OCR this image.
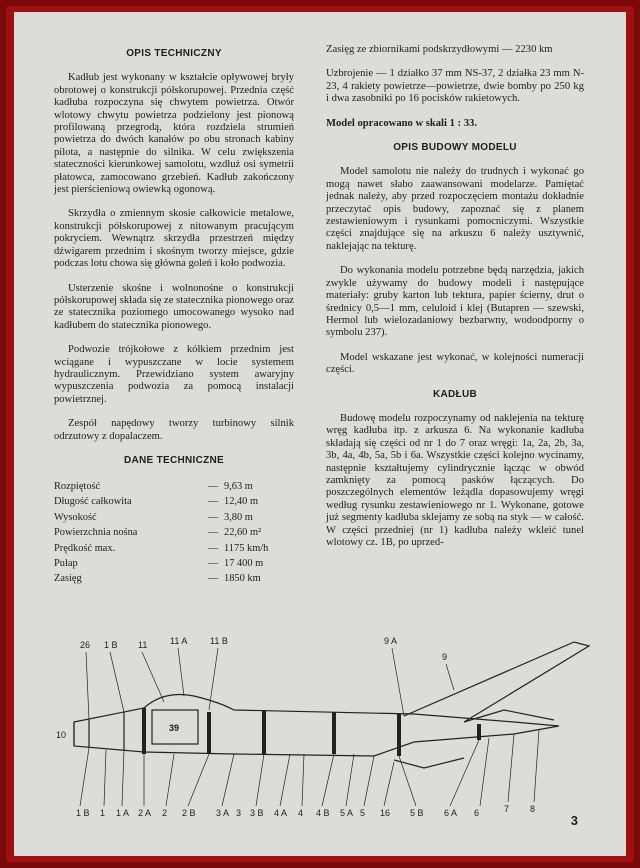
OPIS TECHNICZNY

Kadłub jest wykonany w kształcie opływowej bryły obrotowej o konstrukcji półskorupowej. Przednia część kadłuba rozpoczyna się chwytem powietrza. Otwór wlotowy chwytu powietrza podzielony jest pionową profilowaną przegrodą, która rozdziela strumień powietrza do dwóch kanałów po obu stronach kabiny pilota, a następnie do silnika. W celu zwiększenia stateczności kierunkowej samolotu, wzdłuż osi symetrii płatowca, zamocowano grzebień. Kadłub zakończony jest pierścieniową owiewką ogonową.

Skrzydła o zmiennym skosie całkowicie metalowe, konstrukcji półskorupowej z nitowanym pracującym pokryciem. Wewnątrz skrzydła przestrzeń między dźwigarem przednim i skośnym tworzy miejsce, gdzie podczas lotu chowa się główna goleń i koło podwozia.

Usterzenie skośne i wolnonośne o konstrukcji półskorupowej składa się ze statecznika pionowego oraz ze statecznika poziomego umocowanego wysoko nad kadłubem do statecznika pionowego.

Podwozie trójkołowe z kółkiem przednim jest wciągane i wypuszczane w locie systemem hydraulicznym. Przewidziano system awaryjny wypuszczenia podwozia za pomocą instalacji powietrznej.

Zespół napędowy tworzy turbinowy silnik odrzutowy z dopalaczem.

DANE TECHNICZNE
Rozpiętość	—	9,63 m
Długość całkowita	—	12,40 m
Wysokość	—	3,80 m
Powierzchnia nośna	—	22,60 m²
Prędkość max.	—	1175 km/h
Pułap	—	17 400 m
Zasięg	—	1850 km

Zasięg ze zbiornikami podskrzydłowymi — 2230 km

Uzbrojenie — 1 działko 37 mm NS-37, 2 działka 23 mm N-23, 4 rakiety powietrze—powietrze, dwie bomby po 250 kg i dwa zasobniki po 16 pocisków rakietowych.

Model opracowano w skali 1 : 33.

OPIS BUDOWY MODELU

Model samolotu nie należy do trudnych i wykonać go mogą nawet słabo zaawansowani modelarze. Pamiętać jednak należy, aby przed rozpoczęciem montażu dokładnie przeczytać opis budowy, zapoznać się z planem zestawieniowym i rysunkami pomocniczymi. Wszystkie części znajdujące się na arkuszu 6 należy usztywnić, naklejając na tekturę.

Do wykonania modelu potrzebne będą narzędzia, jakich zwykle używamy do budowy modeli i następujące materiały: gruby karton lub tektura, papier ścierny, drut o średnicy 0,5—1 mm, celuloid i klej (Butapren — szewski, Hermol lub wielozadaniowy bezbarwny, wodoodporny o symbolu 237).

Model wskazane jest wykonać, w kolejności numeracji części.

KADŁUB

Budowę modelu rozpoczynamy od naklejenia na tekturę wręg kadłuba itp. z arkusza 6. Na wykonanie kadłuba składają się części od nr 1 do 7 oraz wręgi: 1a, 2a, 2b, 3a, 3b, 4a, 4b, 5a, 5b i 6a. Wszystkie części kolejno wycinamy, następnie kształtujemy cylindrycznie łącząc w obwód zamknięty za pomocą pasków łączących. Do poszczególnych elementów leżądla dopasowujemy wręgi według rysunku zestawieniowego nr 1. Wykonane, gotowe już segmenty kadłuba sklejamy ze sobą na styk — w całość. W części przedniej (nr 1) kadłuba należy wkleić tunel wlotowy cz. 1B, po uprzed-

39
10
26 1 B 11	11 A	11 B	9 A
9
1 B 1 1 A 2 A 2 2 B 3 A 3 3 B 4 A 4 4 B 5 A 5 16 5 B 6 A 6	7 8
3
